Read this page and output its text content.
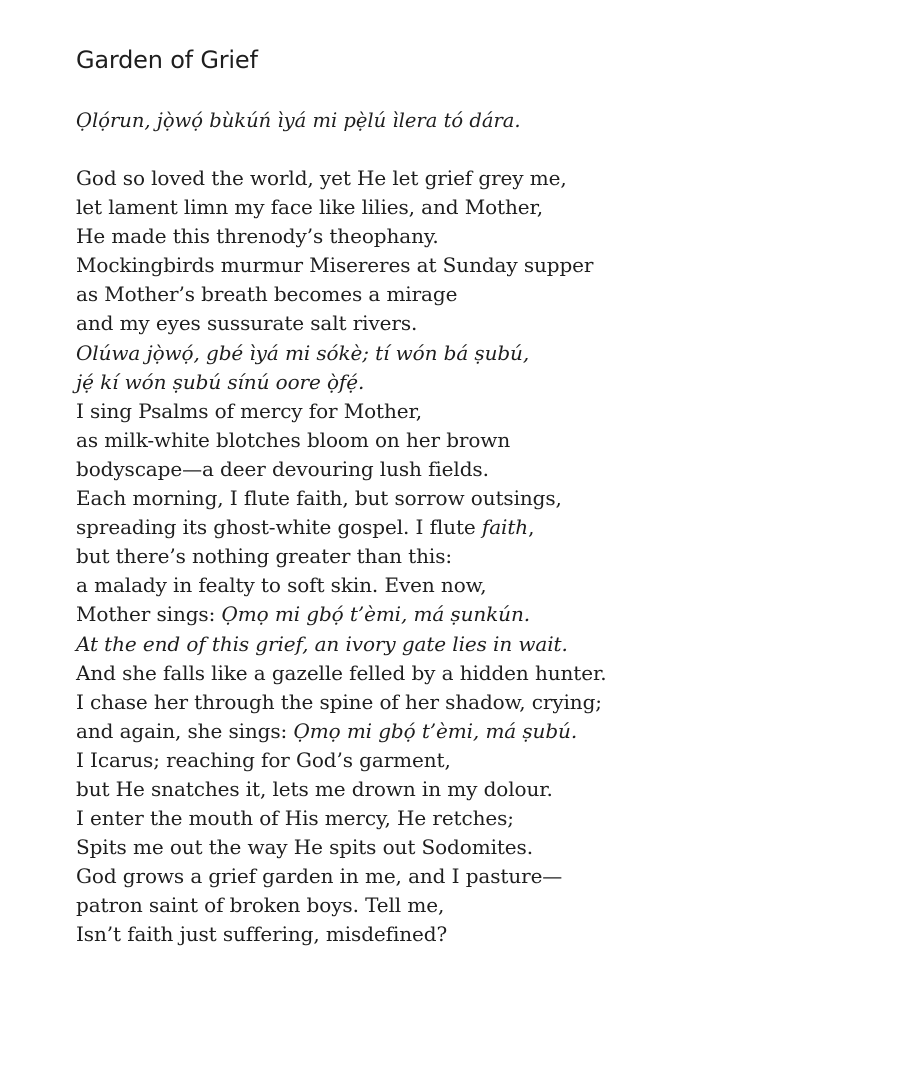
Garden of Grief
Ọlọ́run, jọ̀wọ́ bùkúń ìyá mi pẹ̀lú ìlera tó dára.
God so loved the world, yet He let grief grey me,
let lament limn my face like lilies, and Mother,
He made this threnody’s theophany.
Mockingbirds murmur Misereres at Sunday supper
as Mother’s breath becomes a mirage
and my eyes sussurate salt rivers.
Olúwa jọ̀wọ́, gbé ìyá mi sókè; tí wón bá ṣubú,
jẹ́ kí wón ṣubú sínú oore ọ̀fẹ́.
I sing Psalms of mercy for Mother,
as milk-white blotches bloom on her brown
bodyscape—a deer devouring lush fields.
Each morning, I flute faith, but sorrow outsings,
spreading its ghost-white gospel. I flute faith,
but there’s nothing greater than this:
a malady in fealty to soft skin. Even now,
Mother sings: Ọmọ mi gbọ́ t’èmi, má ṣunkún.
At the end of this grief, an ivory gate lies in wait.
And she falls like a gazelle felled by a hidden hunter.
I chase her through the spine of her shadow, crying;
and again, she sings: Ọmọ mi gbọ́ t’èmi, má ṣubú.
I Icarus; reaching for God’s garment,
but He snatches it, lets me drown in my dolour.
I enter the mouth of His mercy, He retches;
Spits me out the way He spits out Sodomites.
God grows a grief garden in me, and I pasture—
patron saint of broken boys. Tell me,
Isn’t faith just suffering, misdefined?
